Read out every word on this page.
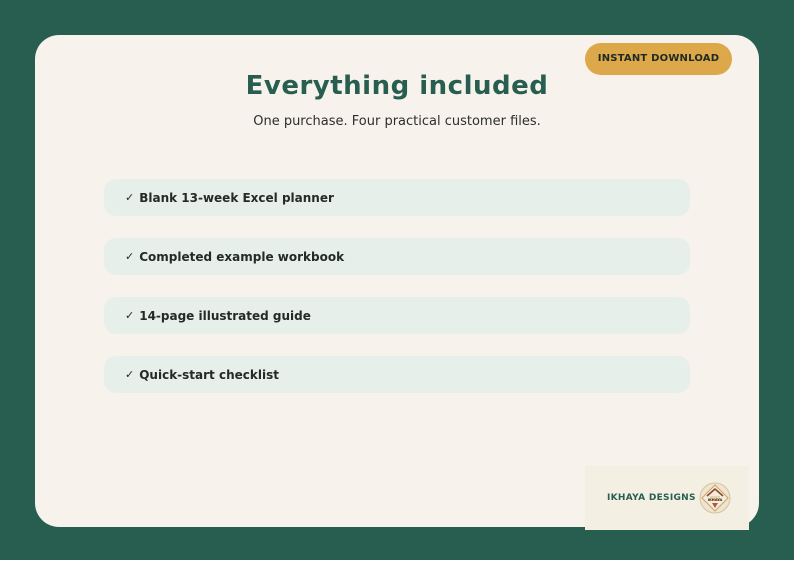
INSTANT DOWNLOAD
Everything included

One purchase. Four practical customer files.

✓ Blank 13-week Excel planner
✓ Completed example workbook
✓ 14-page illustrated guide
✓ Quick-start checklist
IKHAYA DESIGNS	IKHAYA
